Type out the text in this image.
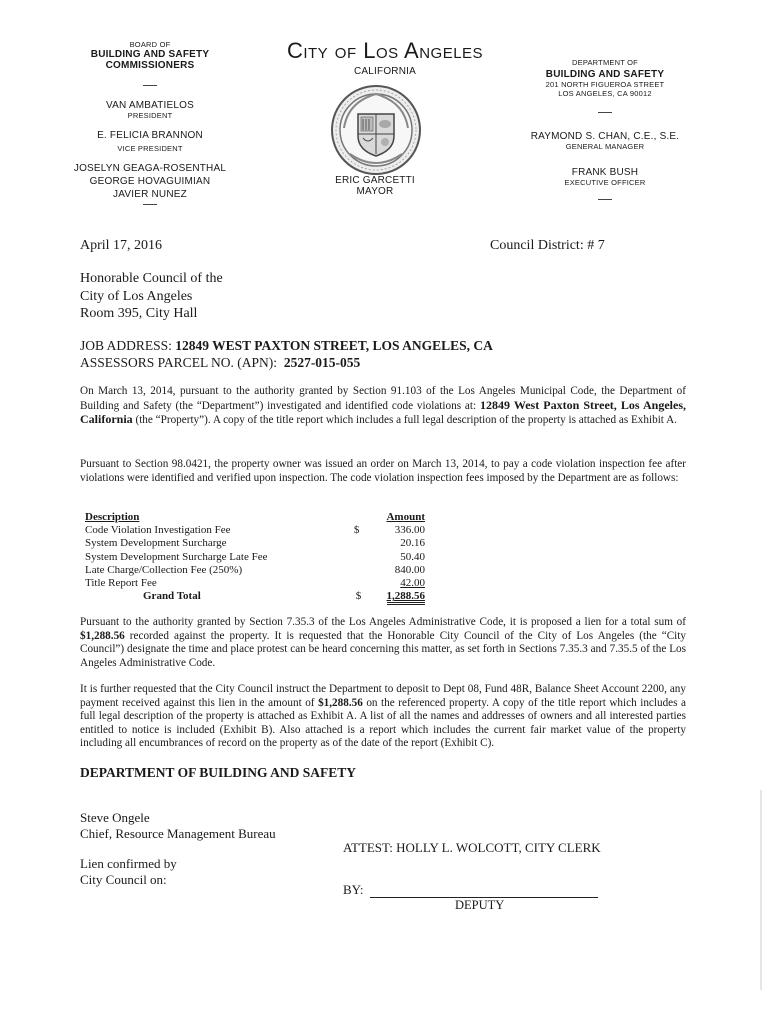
BOARD OF
BUILDING AND SAFETY
COMMISSIONERS
VAN AMBATIELOS
PRESIDENT
E. FELICIA BRANNON
VICE PRESIDENT
JOSELYN GEAGA-ROSENTHAL
GEORGE HOVAGUIMIAN
JAVIER NUNEZ
City of Los Angeles
CALIFORNIA
ERIC GARCETTI
MAYOR
DEPARTMENT OF
BUILDING AND SAFETY
201 NORTH FIGUEROA STREET
LOS ANGELES, CA 90012
RAYMOND S. CHAN, C.E., S.E.
GENERAL MANAGER
FRANK BUSH
EXECUTIVE OFFICER
April 17, 2016	Council District: # 7
Honorable Council of the
City of Los Angeles
Room 395, City Hall
JOB ADDRESS: 12849 WEST PAXTON STREET, LOS ANGELES, CA
ASSESSORS PARCEL NO. (APN): 2527-015-055
On March 13, 2014, pursuant to the authority granted by Section 91.103 of the Los Angeles Municipal Code, the Department of Building and Safety (the “Department”) investigated and identified code violations at: 12849 West Paxton Street, Los Angeles, California (the “Property”). A copy of the title report which includes a full legal description of the property is attached as Exhibit A.
Pursuant to Section 98.0421, the property owner was issued an order on March 13, 2014, to pay a code violation inspection fee after violations were identified and verified upon inspection. The code violation inspection fees imposed by the Department are as follows:
Description	Amount
Code Violation Investigation Fee	$	336.00
System Development Surcharge	20.16
System Development Surcharge Late Fee	50.40
Late Charge/Collection Fee (250%)	840.00
Title Report Fee	42.00
Grand Total	$	1,288.56
Pursuant to the authority granted by Section 7.35.3 of the Los Angeles Administrative Code, it is proposed a lien for a total sum of $1,288.56 recorded against the property. It is requested that the Honorable City Council of the City of Los Angeles (the “City Council”) designate the time and place protest can be heard concerning this matter, as set forth in Sections 7.35.3 and 7.35.5 of the Los Angeles Administrative Code.
It is further requested that the City Council instruct the Department to deposit to Dept 08, Fund 48R, Balance Sheet Account 2200, any payment received against this lien in the amount of $1,288.56 on the referenced property. A copy of the title report which includes a full legal description of the property is attached as Exhibit A. A list of all the names and addresses of owners and all interested parties entitled to notice is included (Exhibit B). Also attached is a report which includes the current fair market value of the property including all encumbrances of record on the property as of the date of the report (Exhibit C).
DEPARTMENT OF BUILDING AND SAFETY
Steve Ongele
Chief, Resource Management Bureau
ATTEST: HOLLY L. WOLCOTT, CITY CLERK
Lien confirmed by
City Council on:
BY:
DEPUTY
